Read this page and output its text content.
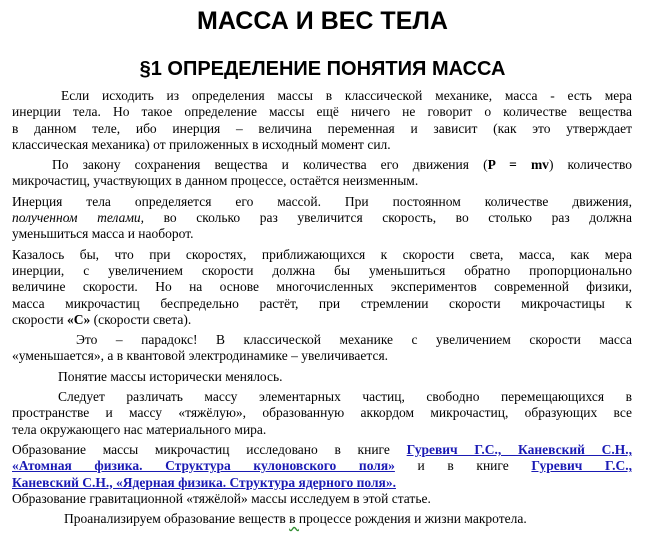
МАССА И ВЕС ТЕЛА
§1 ОПРЕДЕЛЕНИЕ ПОНЯТИЯ МАССА
Если исходить из определения массы в классической механике, масса - есть мера
инерции тела. Но такое определение массы ещё ничего не говорит о количестве вещества
в данном теле, ибо инерция – величина переменная и зависит (как это утверждает
классическая механика) от приложенных в исходный момент сил.
По закону сохранения вещества и количества его движения (P = mv) количество
микрочастиц, участвующих в данном процессе, остаётся неизменным.
Инерция тела определяется его массой. При постоянном количестве движения,
полученном телами, во сколько раз увеличится скорость, во столько раз должна
уменьшиться масса и наоборот.
Казалось бы, что при скоростях, приближающихся к скорости света, масса, как мера
инерции, с увеличением скорости должна бы уменьшиться обратно пропорционально
величине скорости. Но на основе многочисленных экспериментов современной физики,
масса микрочастиц беспредельно растёт, при стремлении скорости микрочастицы к
скорости «С» (скорости света).
Это – парадокс! В классической механике с увеличением скорости масса
«уменьшается», а в квантовой электродинамике – увеличивается.
Понятие массы исторически менялось.
Следует различать массу элементарных частиц, свободно перемещающихся в
пространстве и массу «тяжёлую», образованную аккордом микрочастиц, образующих все
тела окружающего нас материального мира.
Образование массы микрочастиц исследовано в книге Гуревич Г.С., Каневский С.Н.,
«Атомная физика. Структура кулоновского поля» и в книге Гуревич Г.С.,
Каневский С.Н., «Ядерная физика. Структура ядерного поля».
Образование гравитационной «тяжёлой» массы исследуем в этой статье.
Проанализируем образование веществ в процессе рождения и жизни макротела.
